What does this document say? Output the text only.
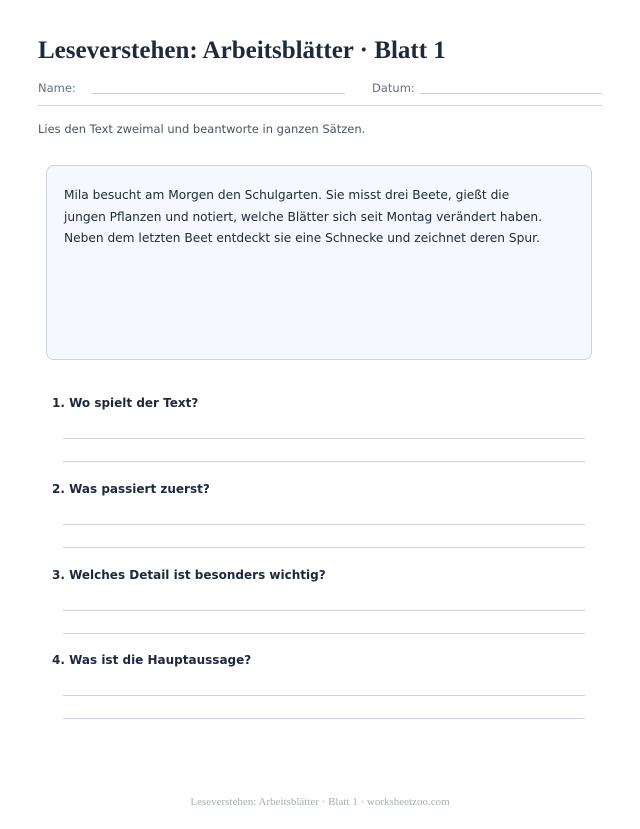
Leseverstehen: Arbeitsblätter · Blatt 1
Name:	Datum:

Lies den Text zweimal und beantworte in ganzen Sätzen.

Mila besucht am Morgen den Schulgarten. Sie misst drei Beete, gießt die jungen Pflanzen und notiert, welche Blätter sich seit Montag verändert haben. Neben dem letzten Beet entdeckt sie eine Schnecke und zeichnet deren Spur.

1. Wo spielt der Text?

2. Was passiert zuerst?

3. Welches Detail ist besonders wichtig?

4. Was ist die Hauptaussage?

Leseverstehen: Arbeitsblätter · Blatt 1 · worksheetzoo.com
